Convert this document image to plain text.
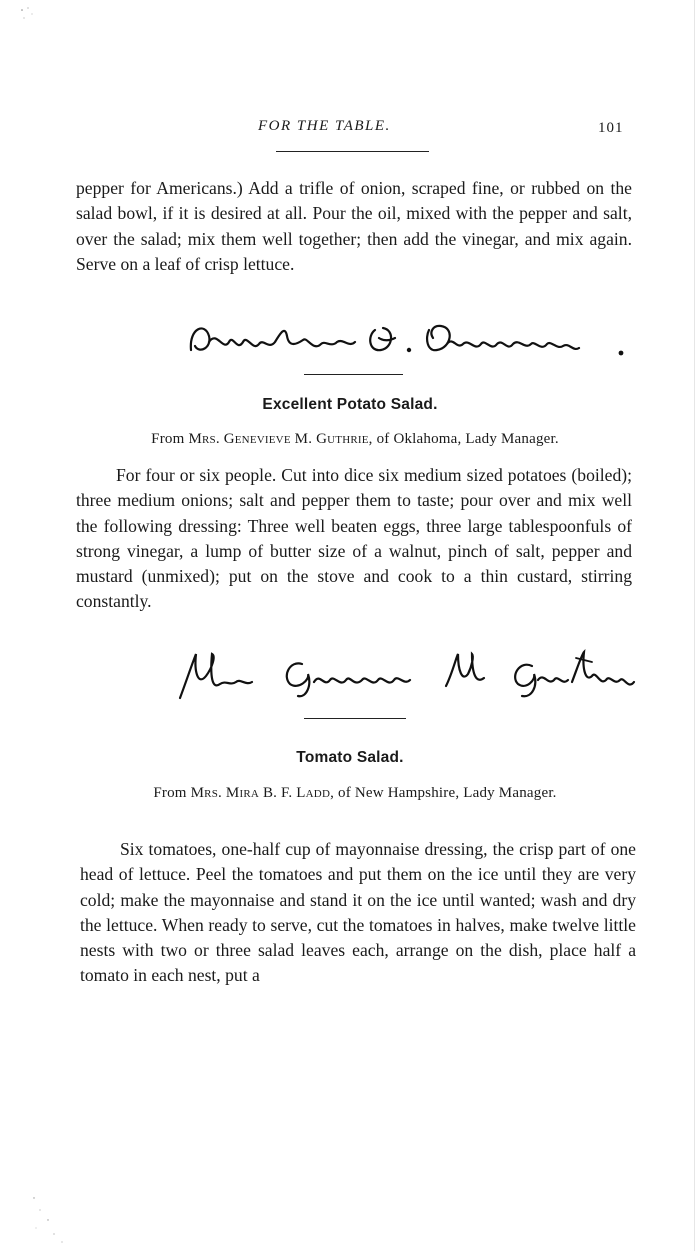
FOR THE TABLE.	101

pepper for Americans.) Add a trifle of onion, scraped fine, or rubbed on the salad bowl, if it is desired at all. Pour the oil, mixed with the pepper and salt, over the salad; mix them well together; then add the vinegar, and mix again. Serve on a leaf of crisp lettuce.

Excellent Potato Salad.
From Mrs. Genevieve M. Guthrie, of Oklahoma, Lady Manager.

For four or six people. Cut into dice six medium sized potatoes (boiled); three medium onions; salt and pepper them to taste; pour over and mix well the following dressing: Three well beaten eggs, three large tablespoonfuls of strong vinegar, a lump of butter size of a walnut, pinch of salt, pepper and mustard (unmixed); put on the stove and cook to a thin custard, stirring constantly.

Tomato Salad.
From Mrs. Mira B. F. Ladd, of New Hampshire, Lady Manager.

Six tomatoes, one-half cup of mayonnaise dressing, the crisp part of one head of lettuce. Peel the tomatoes and put them on the ice until they are very cold; make the mayonnaise and stand it on the ice until wanted; wash and dry the lettuce. When ready to serve, cut the tomatoes in halves, make twelve little nests with two or three salad leaves each, arrange on the dish, place half a tomato in each nest, put a
